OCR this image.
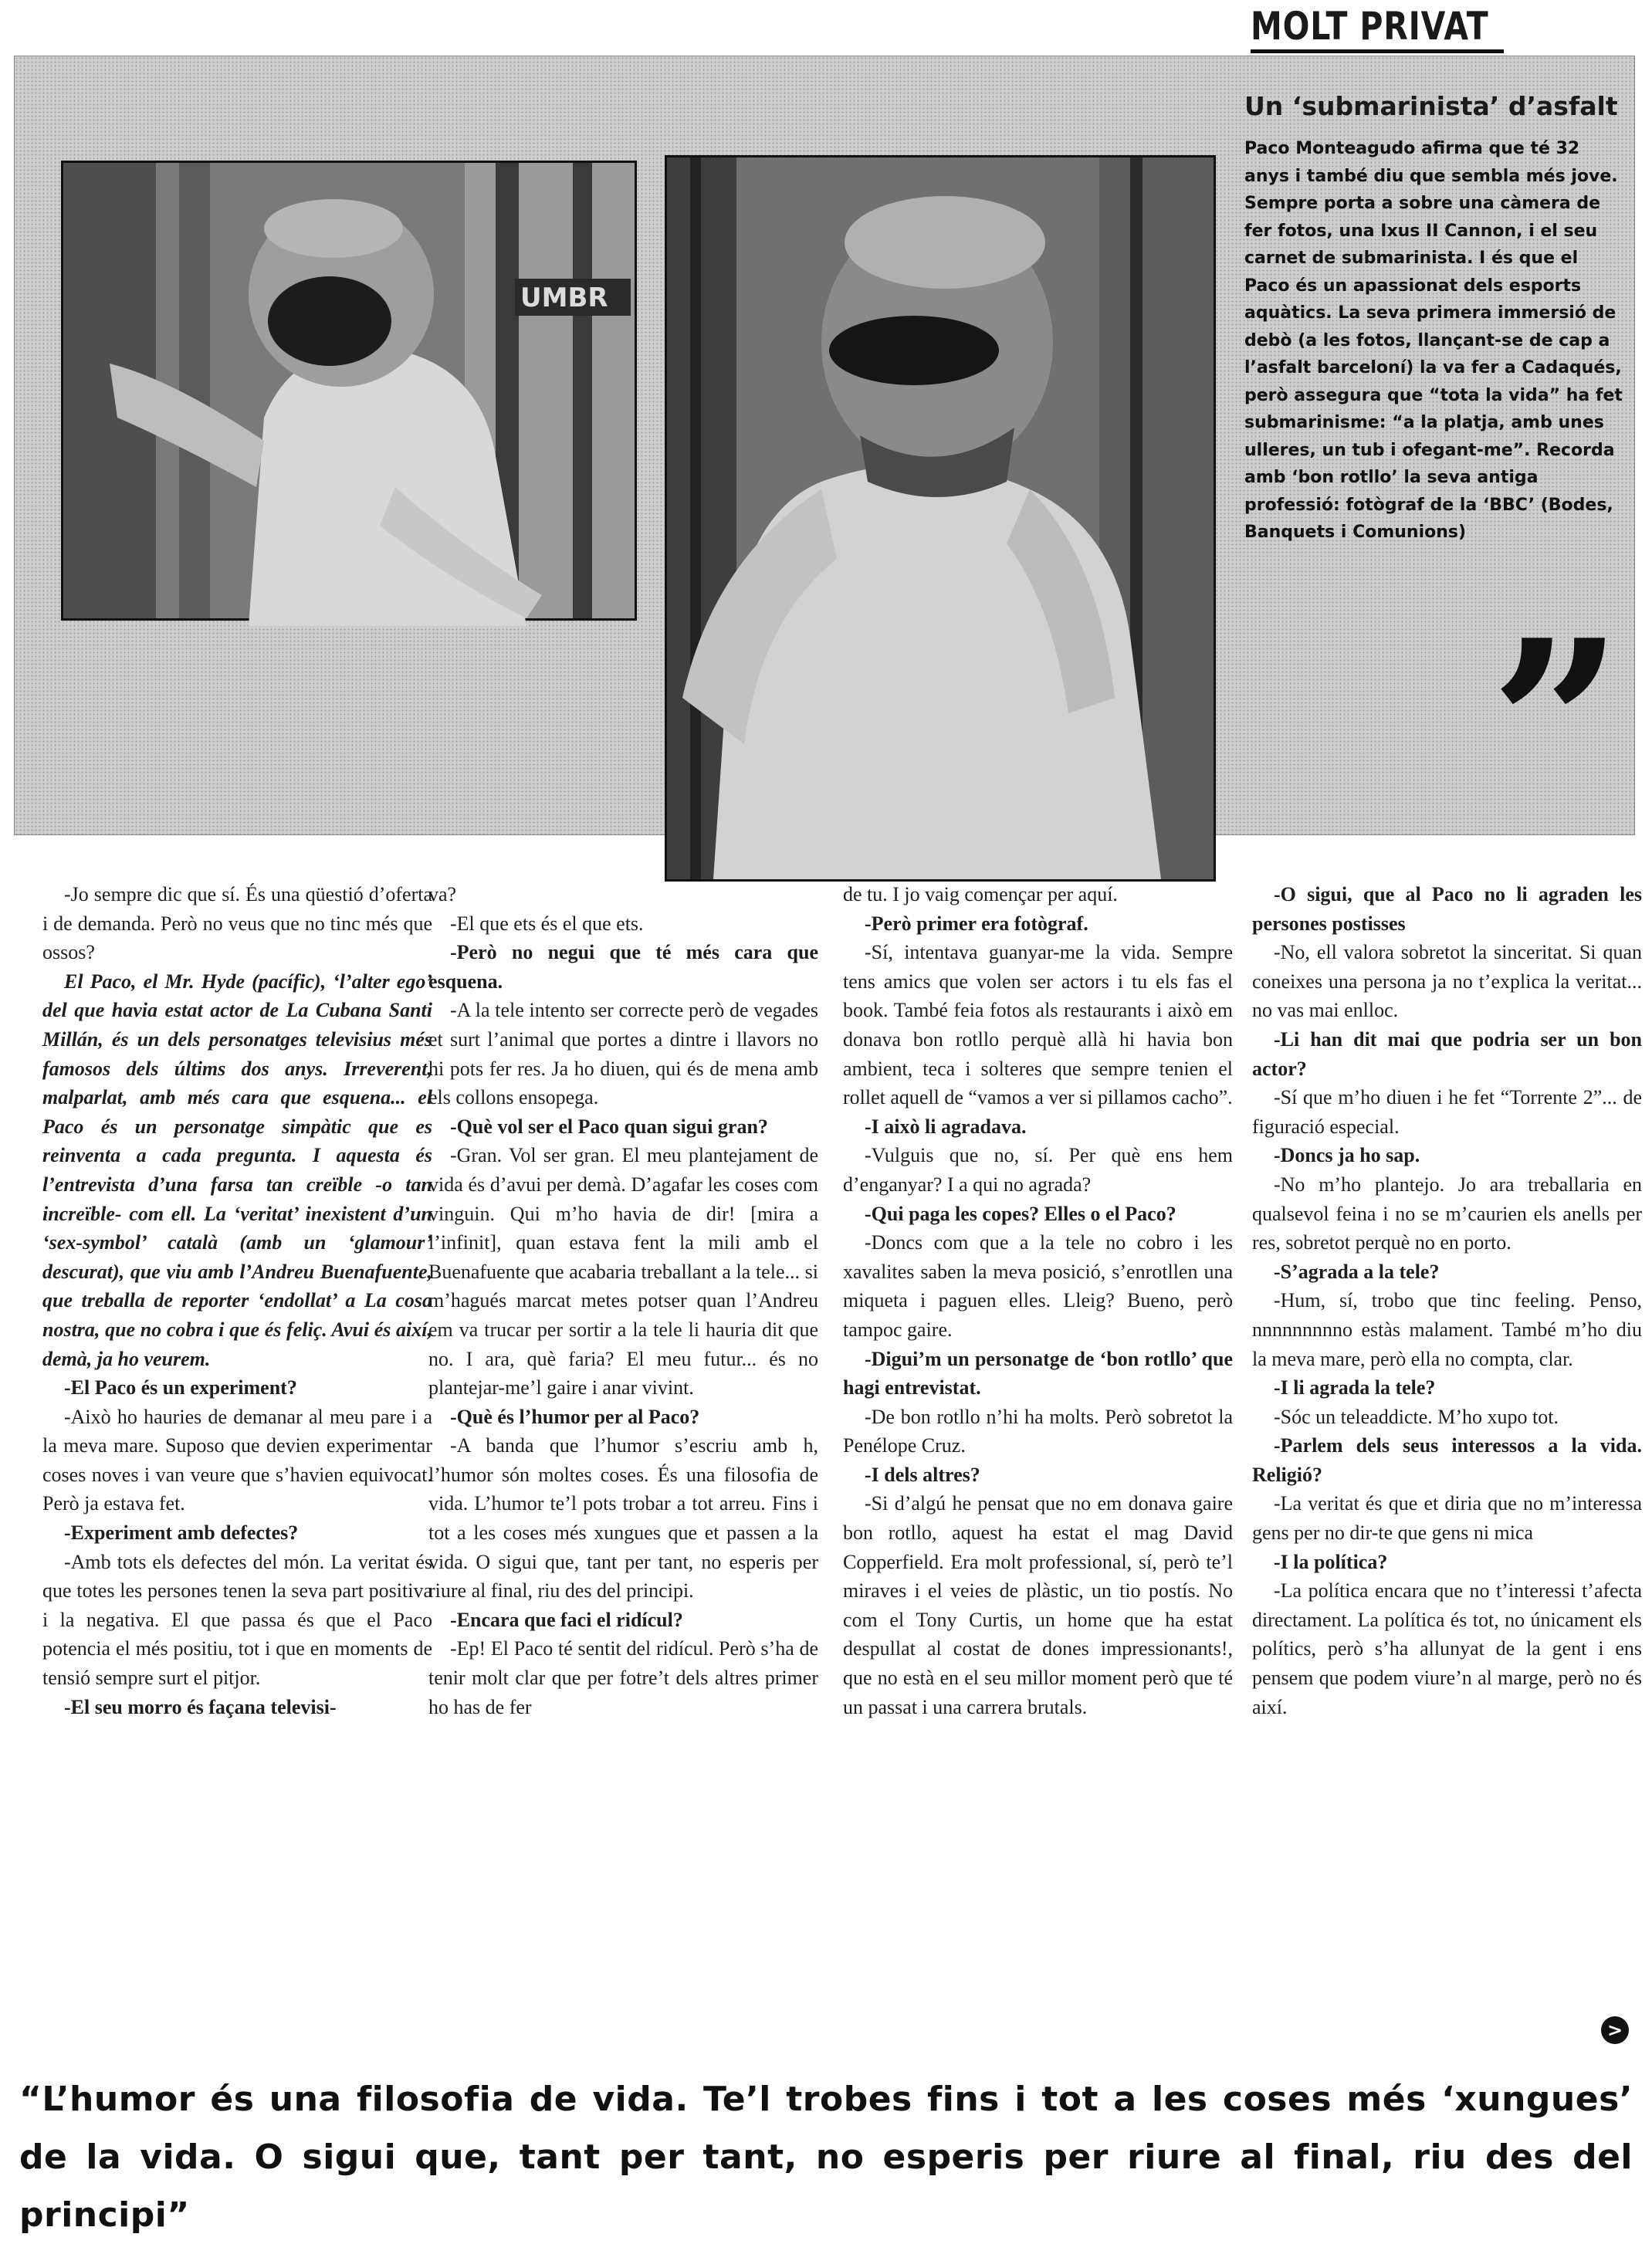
MOLT PRIVAT
UMBR
Un ‘submarinista’ d’asfalt
Paco Monteagudo afirma que té 32 anys i també diu que sembla més jove. Sempre porta a sobre una càmera de fer fotos, una Ixus II Cannon, i el seu carnet de submarinista. I és que el Paco és un apassionat dels esports aquàtics. La seva primera immersió de debò (a les fotos, llançant-se de cap a l’asfalt barceloní) la va fer a Cadaqués, però assegura que “tota la vida” ha fet submarinisme: “a la platja, amb unes ulleres, un tub i ofegant-me”. Recorda amb ‘bon rotllo’ la seva antiga professió: fotògraf de la ‘BBC’ (Bodes, Banquets i Comunions)
”

-Jo sempre dic que sí. És una qüestió d’oferta i de demanda. Però no veus que no tinc més que ossos?

El Paco, el Mr. Hyde (pacífic), ‘l’alter ego’ del que havia estat actor de La Cubana Santi Millán, és un dels personatges televisius més famosos dels últims dos anys. Irreverent, malparlat, amb més cara que esquena... el Paco és un personatge simpàtic que es reinventa a cada pregunta. I aquesta és l’entrevista d’una farsa tan creïble -o tan increïble- com ell. La ‘veritat’ inexistent d’un ‘sex-symbol’ català (amb un ‘glamour’ descurat), que viu amb l’Andreu Buenafuente, que treballa de reporter ‘endollat’ a La cosa nostra, que no cobra i que és feliç. Avui és així, demà, ja ho veurem.

-El Paco és un experiment?

-Això ho hauries de demanar al meu pare i a la meva mare. Suposo que devien experimentar coses noves i van veure que s’havien equivocat. Però ja estava fet.

-Experiment amb defectes?

-Amb tots els defectes del món. La veritat és que totes les persones tenen la seva part positiva i la negativa. El que passa és que el Paco potencia el més positiu, tot i que en moments de tensió sempre surt el pitjor.

-El seu morro és façana televisi-

va?

-El que ets és el que ets.

-Però no negui que té més cara que esquena.

-A la tele intento ser correcte però de vegades et surt l’animal que portes a dintre i llavors no hi pots fer res. Ja ho diuen, qui és de mena amb els collons ensopega.

-Què vol ser el Paco quan sigui gran?

-Gran. Vol ser gran. El meu plantejament de vida és d’avui per demà. D’agafar les coses com vinguin. Qui m’ho havia de dir! [mira a l’infinit], quan estava fent la mili amb el Buenafuente que acabaria treballant a la tele... si m’hagués marcat metes potser quan l’Andreu em va trucar per sortir a la tele li hauria dit que no. I ara, què faria? El meu futur... és no plantejar-me’l gaire i anar vivint.

-Què és l’humor per al Paco?

-A banda que l’humor s’escriu amb h, l’humor són moltes coses. És una filosofia de vida. L’humor te’l pots trobar a tot arreu. Fins i tot a les coses més xungues que et passen a la vida. O sigui que, tant per tant, no esperis per riure al final, riu des del principi.

-Encara que faci el ridícul?

-Ep! El Paco té sentit del ridícul. Però s’ha de tenir molt clar que per fotre’t dels altres primer ho has de fer

de tu. I jo vaig començar per aquí.

-Però primer era fotògraf.

-Sí, intentava guanyar-me la vida. Sempre tens amics que volen ser actors i tu els fas el book. També feia fotos als restaurants i això em donava bon rotllo perquè allà hi havia bon ambient, teca i solteres que sempre tenien el rollet aquell de “vamos a ver si pillamos cacho”.

-I això li agradava.

-Vulguis que no, sí. Per què ens hem d’enganyar? I a qui no agrada?

-Qui paga les copes? Elles o el Paco?

-Doncs com que a la tele no cobro i les xavalites saben la meva posició, s’enrotllen una miqueta i paguen elles. Lleig? Bueno, però tampoc gaire.

-Digui’m un personatge de ‘bon rotllo’ que hagi entrevistat.

-De bon rotllo n’hi ha molts. Però sobretot la Penélope Cruz.

-I dels altres?

-Si d’algú he pensat que no em donava gaire bon rotllo, aquest ha estat el mag David Copperfield. Era molt professional, sí, però te’l miraves i el veies de plàstic, un tio postís. No com el Tony Curtis, un home que ha estat despullat al costat de dones impressionants!, que no està en el seu millor moment però que té un passat i una carrera brutals.

-O sigui, que al Paco no li agraden les persones postisses

-No, ell valora sobretot la sinceritat. Si quan coneixes una persona ja no t’explica la veritat... no vas mai enlloc.

-Li han dit mai que podria ser un bon actor?

-Sí que m’ho diuen i he fet “Torrente 2”... de figuració especial.

-Doncs ja ho sap.

-No m’ho plantejo. Jo ara treballaria en qualsevol feina i no se m’caurien els anells per res, sobretot perquè no en porto.

-S’agrada a la tele?

-Hum, sí, trobo que tinc feeling. Penso, nnnnnnnnno estàs malament. També m’ho diu la meva mare, però ella no compta, clar.

-I li agrada la tele?

-Sóc un teleaddicte. M’ho xupo tot.

-Parlem dels seus interessos a la vida. Religió?

-La veritat és que et diria que no m’interessa gens per no dir-te que gens ni mica

-I la política?

-La política encara que no t’interessi t’afecta directament. La política és tot, no únicament els polítics, però s’ha allunyat de la gent i ens pensem que podem viure’n al marge, però no és així.

>
“L’humor és una filosofia de vida. Te’l trobes fins i tot a les coses més ‘xungues’ de la vida. O sigui que, tant per tant, no esperis per riure al final, riu des del principi”
